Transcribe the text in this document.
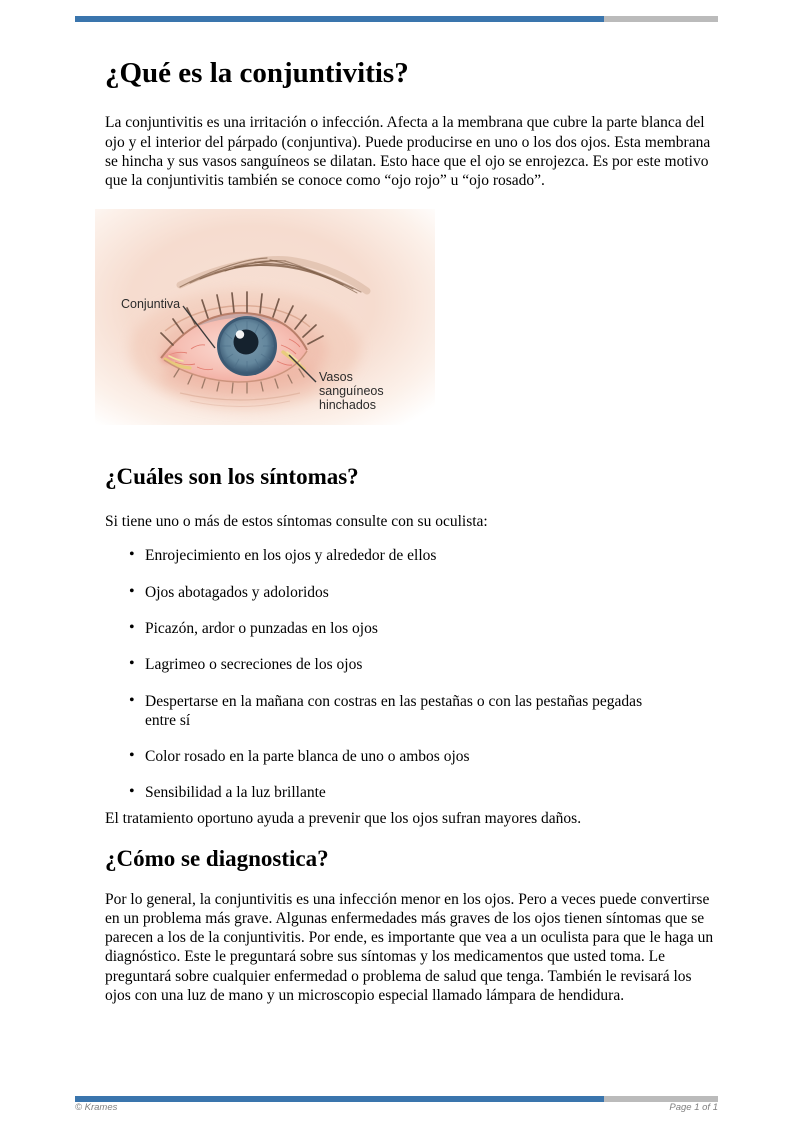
¿Qué es la conjuntivitis?

La conjuntivitis es una irritación o infección. Afecta a la membrana que cubre la parte blanca del ojo y el interior del párpado (conjuntiva). Puede producirse en uno o los dos ojos. Esta membrana se hincha y sus vasos sanguíneos se dilatan. Esto hace que el ojo se enrojezca. Es por este motivo que la conjuntivitis también se conoce como “ojo rojo” u “ojo rosado”.

Conjuntiva
Vasos sanguíneos hinchados
¿Cuáles son los síntomas?

Si tiene uno o más de estos síntomas consulte con su oculista:

• Enrojecimiento en los ojos y alrededor de ellos
• Ojos abotagados y adoloridos
• Picazón, ardor o punzadas en los ojos
• Lagrimeo o secreciones de los ojos
• Despertarse en la mañana con costras en las pestañas o con las pestañas pegadas entre sí
• Color rosado en la parte blanca de uno o ambos ojos
• Sensibilidad a la luz brillante

El tratamiento oportuno ayuda a prevenir que los ojos sufran mayores daños.

¿Cómo se diagnostica?

Por lo general, la conjuntivitis es una infección menor en los ojos. Pero a veces puede convertirse en un problema más grave. Algunas enfermedades más graves de los ojos tienen síntomas que se parecen a los de la conjuntivitis. Por ende, es importante que vea a un oculista para que le haga un diagnóstico. Este le preguntará sobre sus síntomas y los medicamentos que usted toma. Le preguntará sobre cualquier enfermedad o problema de salud que tenga. También le revisará los ojos con una luz de mano y un microscopio especial llamado lámpara de hendidura.

© Krames	Page 1 of 1
